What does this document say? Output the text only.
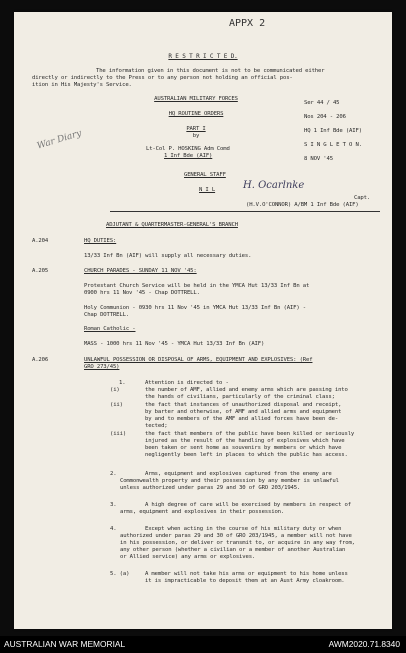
APPX 2
R E S T R I C T E D.
The information given in this document is not to be communicated either
directly or indirectly to the Press or to any person not holding an official pos-
ition in His Majesty's Service.
AUSTRALIAN MILITARY FORCES
HQ ROUTINE ORDERS
PART I
by
Lt-Col P. HOSKING Adm Comd
1 Inf Bde (AIF)
Ser 44 / 45
Nos 204 - 206
HQ 1 Inf Bde (AIF)
S I N G L E T O N.
8 NOV '45
War Diary
GENERAL STAFF
N I L	H. Ocarlnke
Capt.
(H.V.O'CONNOR) A/BM 1 Inf Bde (AIF)
ADJUTANT & QUARTERMASTER-GENERAL'S BRANCH
A.204	HQ DUTIES:
13/33 Inf Bn (AIF) will supply all necessary duties.
A.205	CHURCH PARADES - SUNDAY 11 NOV '45:
Protestant Church Service will be held in the YMCA Hut 13/33 Inf Bn at
0900 hrs 11 Nov '45 - Chap DOTTRELL.
Holy Communion - 0930 hrs 11 Nov '45 in YMCA Hut 13/33 Inf Bn (AIF) -
Chap DOTTRELL.
Roman Catholic -
MASS - 1000 hrs 11 Nov '45 - YMCA Hut 13/33 Inf Bn (AIF)
A.206	UNLAWFUL POSSESSION OR DISPOSAL OF ARMS, EQUIPMENT AND EXPLOSIVES: (Ref
GRO 273/45)
1.	Attention is directed to -
(i)	the number of AMF, allied and enemy arms which are passing into
the hands of civilians, particularly of the criminal class;
(ii)	the fact that instances of unauthorized disposal and receipt,
by barter and otherwise, of AMF and allied arms and equipment
by and to members of the AMF and allied forces have been de-
tected;
(iii)	the fact that members of the public have been killed or seriously
injured as the result of the handling of explosives which have
been taken or sent home as souvenirs by members or which have
negligently been left in places to which the public has access.
2.	Arms, equipment and explosives captured from the enemy are
Commonwealth property and their possession by any member is unlawful
unless authorized under paras 29 and 30 of GRO 203/1945.
3.	A high degree of care will be exercised by members in respect of
arms, equipment and explosives in their possession.
4.	Except when acting in the course of his military duty or when
authorized under paras 29 and 30 of GRO 203/1945, a member will not have
in his possession, or deliver or transmit to, or acquire in any way from,
any other person (whether a civilian or a member of another Australian
or Allied service) any arms or explosives.
5. (a)	A member will not take his arms or equipment to his home unless
it is impracticable to deposit them at an Aust Army cloakroom.
AUSTRALIAN WAR MEMORIAL	AWM2020.71.8340
